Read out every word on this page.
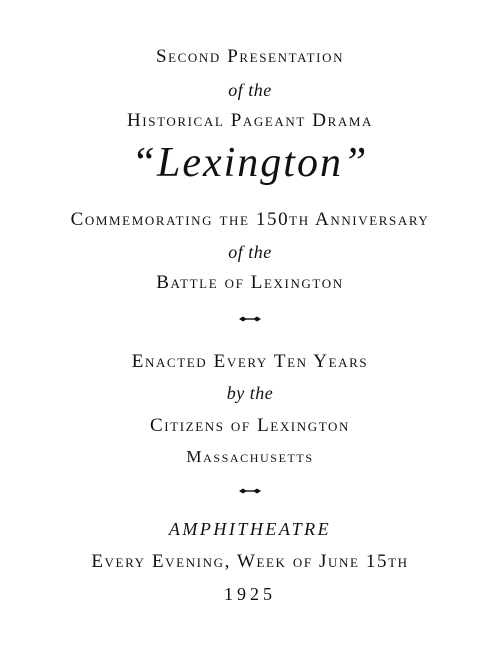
Second Presentation
of the
Historical Pageant Drama
“Lexington”
Commemorating the 150th Anniversary
of the
Battle of Lexington
Enacted Every Ten Years
by the
Citizens of Lexington
Massachusetts
AMPHITHEATRE
Every Evening, Week of June 15th
1925
